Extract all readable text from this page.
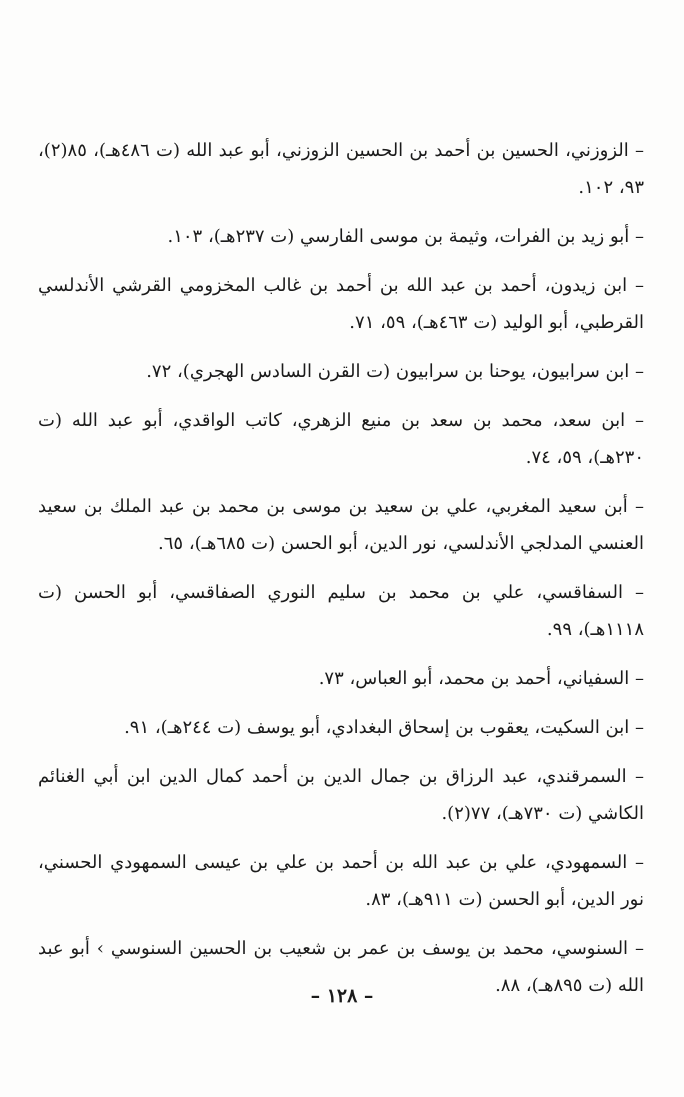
– الزوزني، الحسين بن أحمد بن الحسين الزوزني، أبو عبد الله (ت ٤٨٦هـ)، ٨٥(٢)، ٩٣، ١٠٢.

– أبو زيد بن الفرات، وثيمة بن موسى الفارسي (ت ٢٣٧هـ)، ١٠٣.

– ابن زيدون، أحمد بن عبد الله بن أحمد بن غالب المخزومي القرشي الأندلسي القرطبي، أبو الوليد (ت ٤٦٣هـ)، ٥٩، ٧١.

– ابن سرابيون، يوحنا بن سرابيون (ت القرن السادس الهجري)، ٧٢.

– ابن سعد، محمد بن سعد بن منيع الزهري، كاتب الواقدي، أبو عبد الله (ت ٢٣٠هـ)، ٥٩، ٧٤.

– أبن سعيد المغربي، علي بن سعيد بن موسى بن محمد بن عبد الملك بن سعيد العنسي المدلجي الأندلسي، نور الدين، أبو الحسن (ت ٦٨٥هـ)، ٦٥.

– السفاقسي، علي بن محمد بن سليم النوري الصفاقسي، أبو الحسن (ت ١١١٨هـ)، ٩٩.

– السفياني، أحمد بن محمد، أبو العباس، ٧٣.

– ابن السكيت، يعقوب بن إسحاق البغدادي، أبو يوسف (ت ٢٤٤هـ)، ٩١.

– السمرقندي، عبد الرزاق بن جمال الدين بن أحمد كمال الدين ابن أبي الغنائم الكاشي (ت ٧٣٠هـ)، ٧٧(٢).

– السمهودي، علي بن عبد الله بن أحمد بن علي بن عيسى السمهودي الحسني، نور الدين، أبو الحسن (ت ٩١١هـ)، ٨٣.

– السنوسي، محمد بن يوسف بن عمر بن شعيب بن الحسين السنوسي › أبو عبد الله (ت ٨٩٥هـ)، ٨٨.

– ١٢٨ –
